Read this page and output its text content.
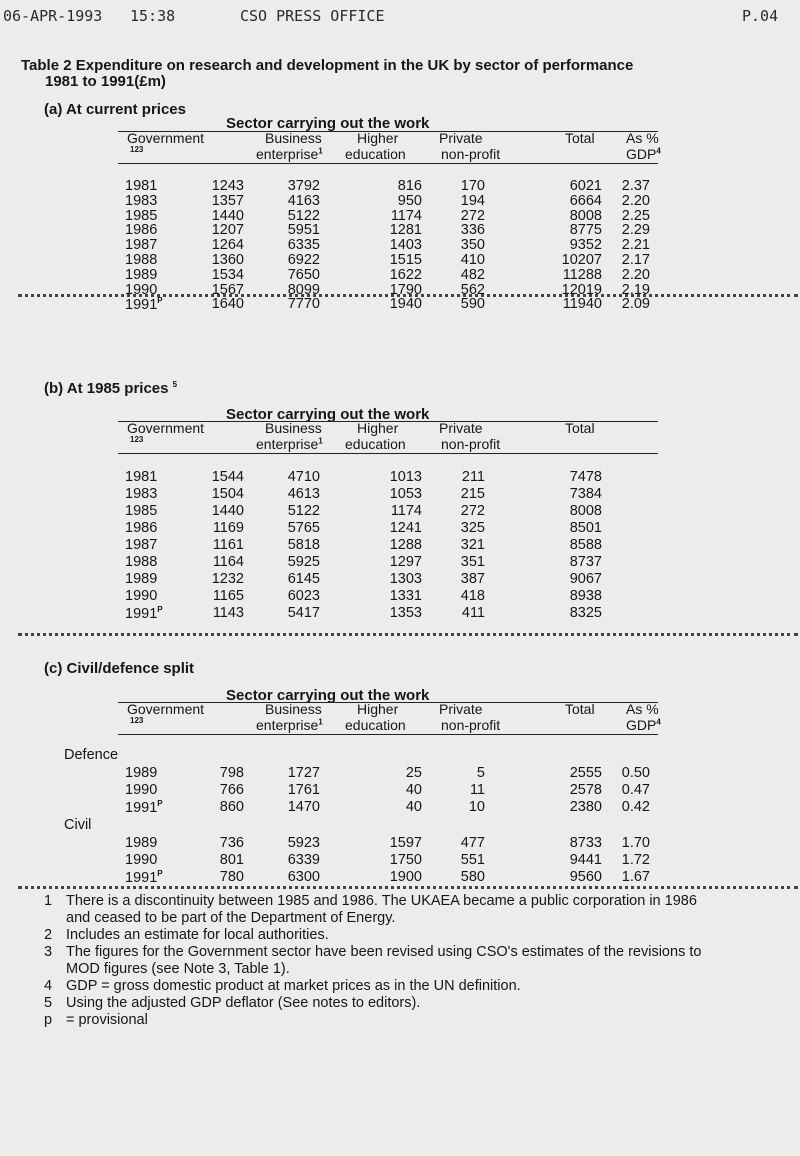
06-APR-1993 15:38	CSO PRESS OFFICE	P.04
Table 2 Expenditure on research and development in the UK by sector of performance
1981 to 1991(£m)
(a) At current prices
Sector carrying out the work
Government
123
Business
enterprise$^1$
Higher
education
Private
non-profit
Total As %
GDP$^4$
1981	1243	3792	816	170	6021	2.37
1983	1357	4163	950	194	6664	2.20
1985	1440	5122	1174	272	8008	2.25
1986	1207	5951	1281	336	8775	2.29
1987	1264	6335	1403	350	9352	2.21
1988	1360	6922	1515	410	10207	2.17
1989	1534	7650	1622	482	11288	2.20
1990	1567	8099	1790	562	12019	2.19
$1991^P$	1640	7770	1940	590	11940	2.09
(b) At 1985 prices $^5$
Sector carrying out the work
Government
123
Business
enterprise$^1$
Higher
education
Private
non-profit
Total
1981	1544	4710	1013	211	7478
1983	1504	4613	1053	215	7384
1985	1440	5122	1174	272	8008
1986	1169	5765	1241	325	8501
1987	1161	5818	1288	321	8588
1988	1164	5925	1297	351	8737
1989	1232	6145	1303	387	9067
1990	1165	6023	1331	418	8938
$1991^P$	1143	5417	1353	411	8325
(c) Civil/defence split
Sector carrying out the work
Government
123
Business
enterprise$^1$
Higher
education
Private
non-profit
Total As %
GDP$^4$
Defence
Civil
1989	798	1727	25	5	2555	0.50
1990	766	1761	40	11	2578	0.47
$1991^P$	860	1470	40	10	2380	0.42
1989	736	5923	1597	477	8733	1.70
1990	801	6339	1750	551	9441	1.72
$1991^P$	780	6300	1900	580	9560	1.67
1 There is a discontinuity between 1985 and 1986. The UKAEA became a public corporation in 1986
and ceased to be part of the Department of Energy.
2 Includes an estimate for local authorities.
3 The figures for the Government sector have been revised using CSO's estimates of the revisions to
MOD figures (see Note 3, Table 1).
4 GDP = gross domestic product at market prices as in the UN definition.
5 Using the adjusted GDP deflator (See notes to editors).
p = provisional
